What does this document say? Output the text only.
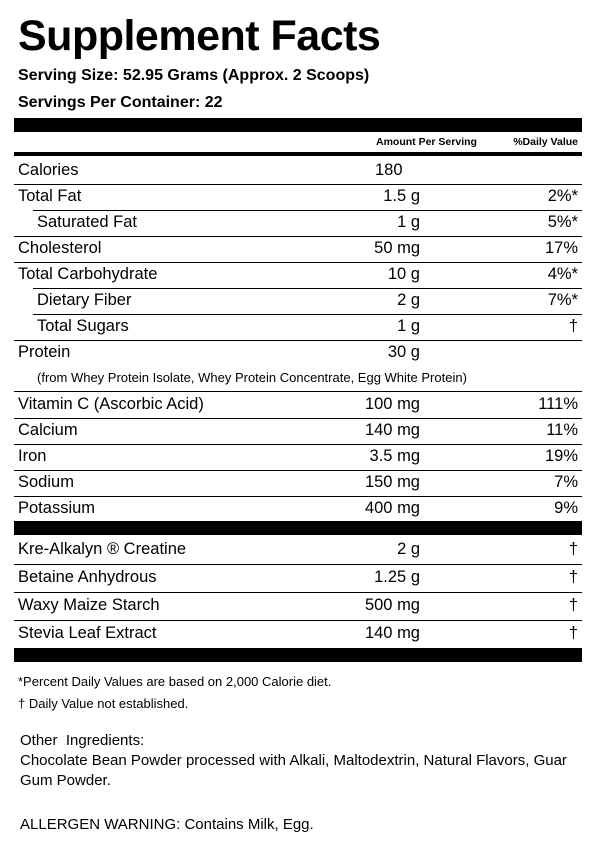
Supplement Facts
Serving Size: 52.95 Grams (Approx. 2 Scoops)
Servings Per Container: 22
Amount Per Serving	%Daily Value
Calories	180
Total Fat	1.5 g	2%*
Saturated Fat	1 g	5%*
Cholesterol	50 mg	17%
Total Carbohydrate	10 g	4%*
Dietary Fiber	2 g	7%*
Total Sugars	1 g	†
Protein	30 g
(from Whey Protein Isolate, Whey Protein Concentrate, Egg White Protein)
Vitamin C (Ascorbic Acid)	100 mg	111%
Calcium	140 mg	11%
Iron	3.5 mg	19%
Sodium	150 mg	7%
Potassium	400 mg	9%
Kre-Alkalyn ® Creatine	2 g	†
Betaine Anhydrous	1.25 g	†
Waxy Maize Starch	500 mg	†
Stevia Leaf Extract	140 mg	†
*Percent Daily Values are based on 2,000 Calorie diet.
† Daily Value not established.
Other  Ingredients:
Chocolate Bean Powder processed with Alkali, Maltodextrin, Natural Flavors, Guar Gum Powder.
ALLERGEN WARNING: Contains Milk, Egg.
